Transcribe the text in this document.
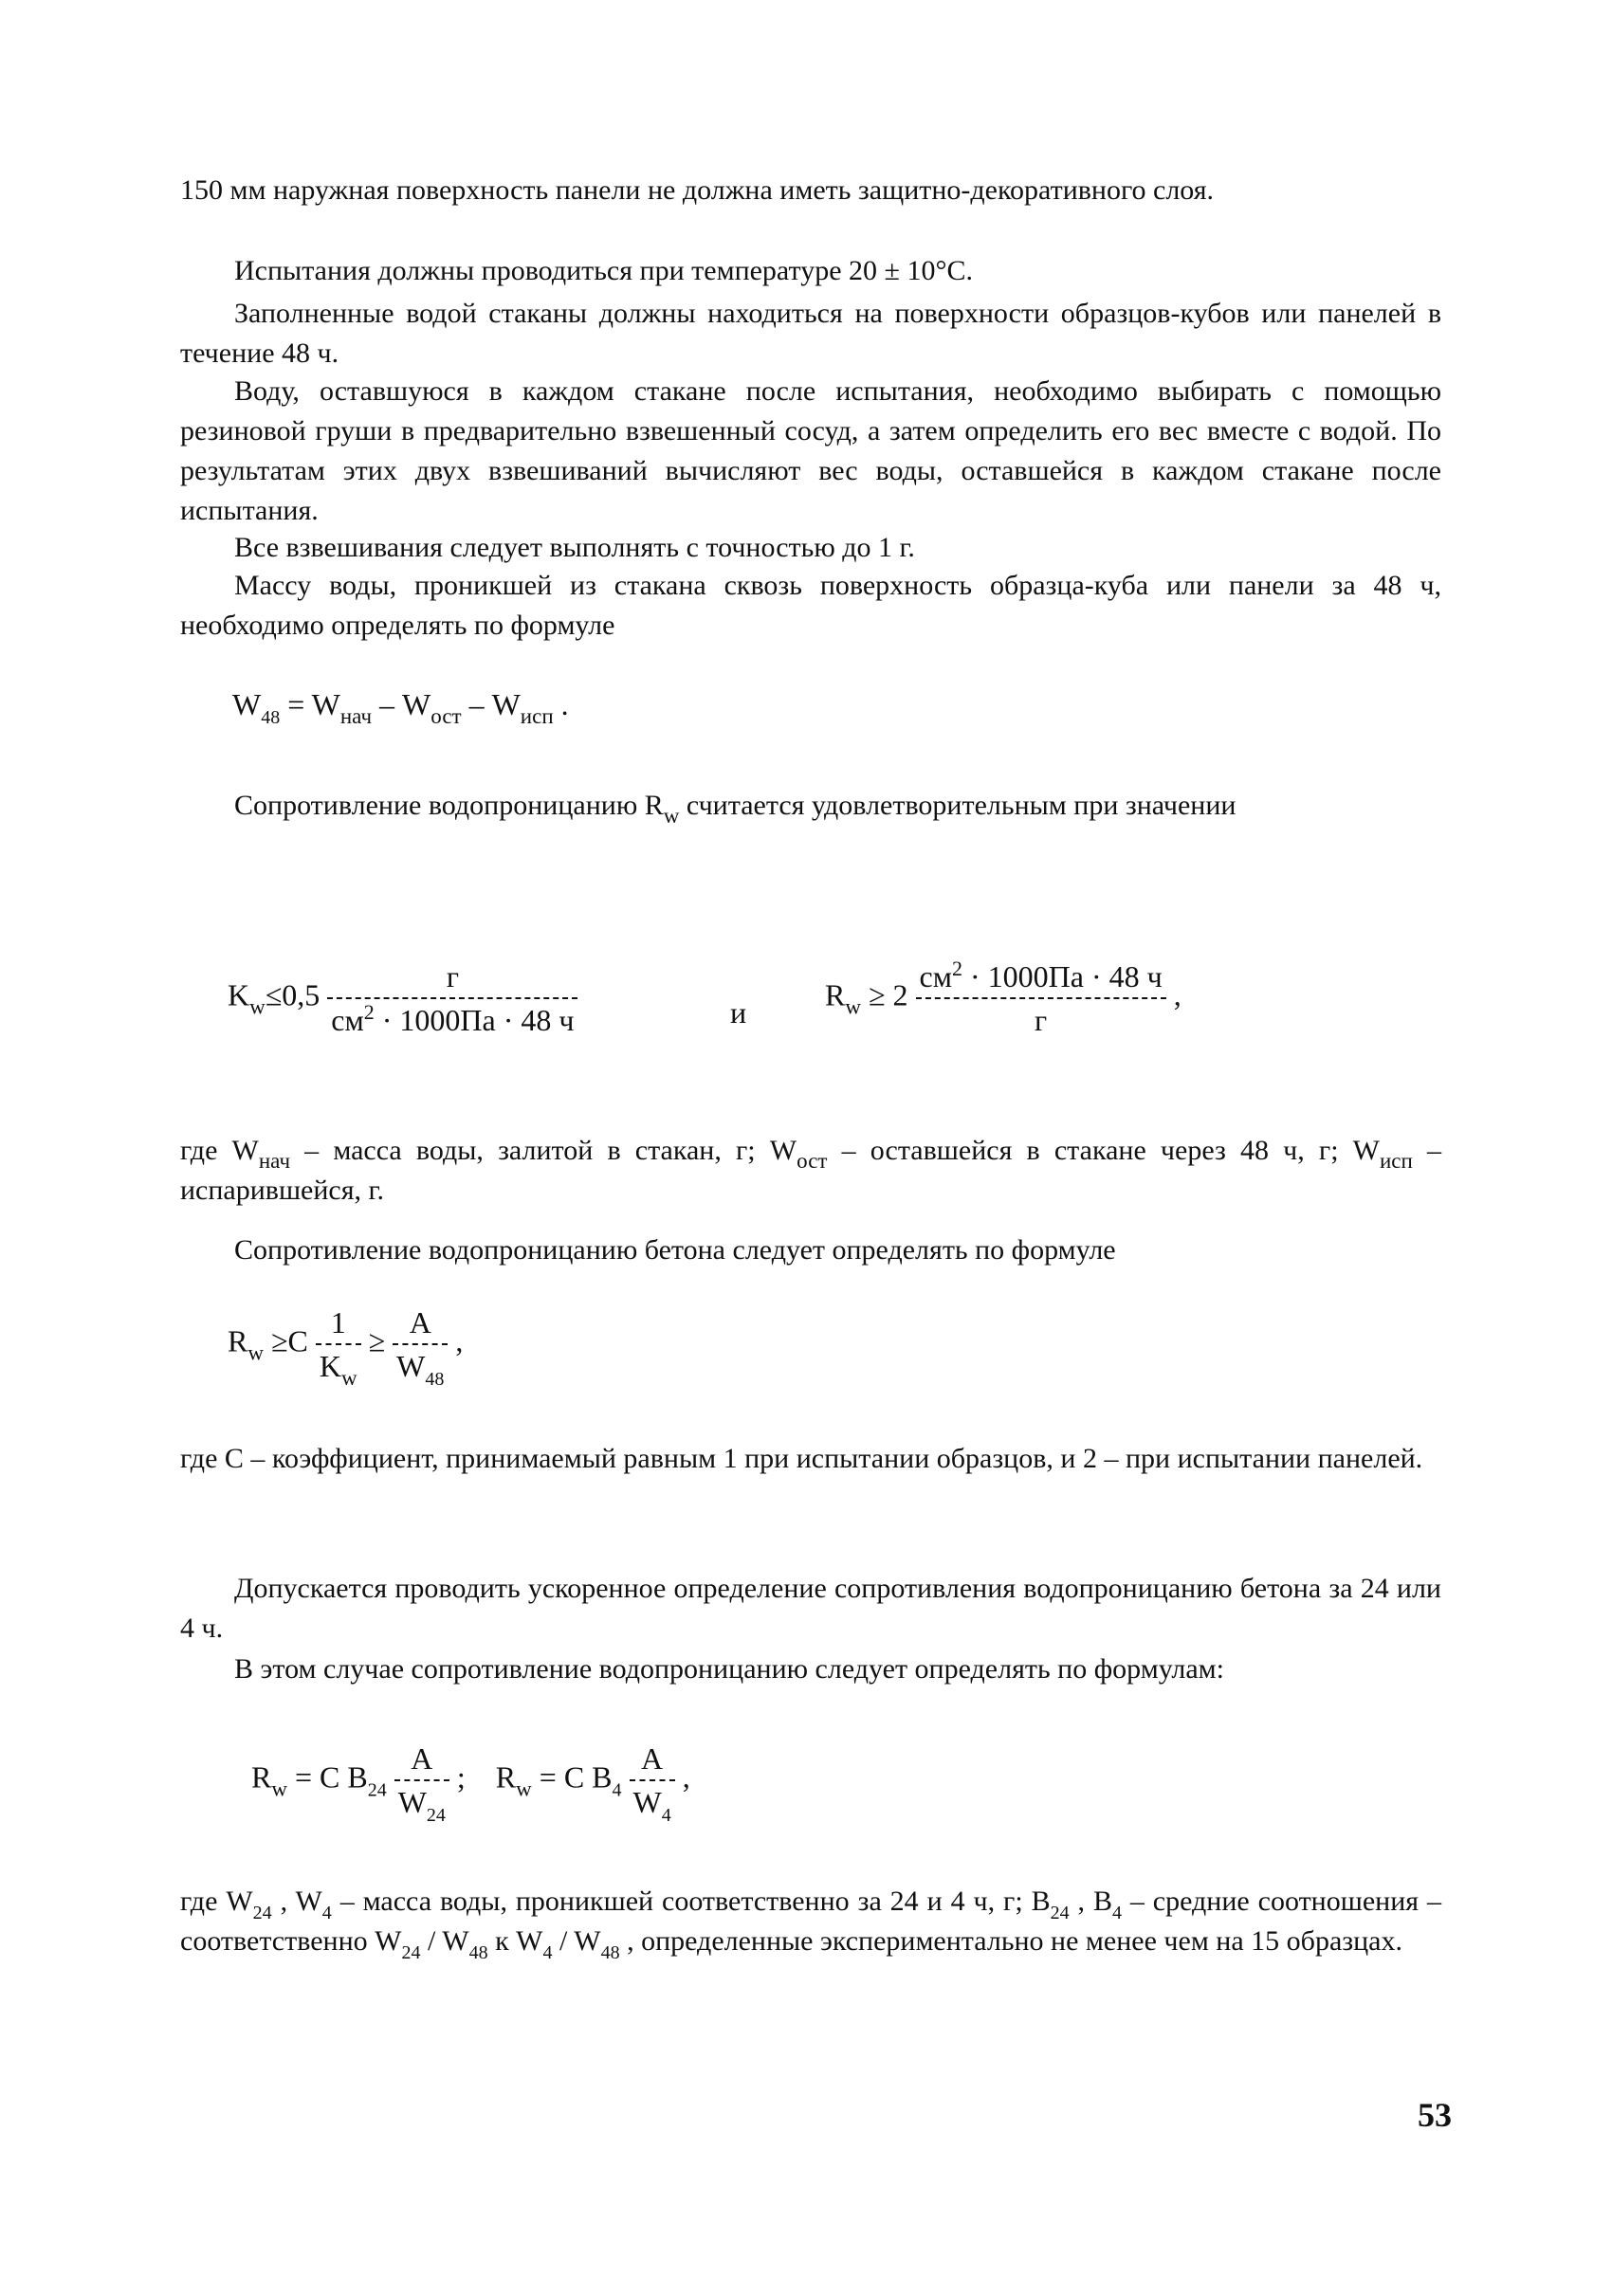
150 мм наружная поверхность панели не должна иметь защитно-декоративного слоя.

Испытания должны проводиться при температуре 20 ± 10°С.

Заполненные водой стаканы должны находиться на поверхности образцов-кубов или панелей в течение 48 ч.

Воду, оставшуюся в каждом стакане после испытания, необходимо выбирать с помощью резиновой груши в предварительно взвешенный сосуд, а затем определить его вес вместе с водой. По результатам этих двух взвешиваний вычисляют вес воды, оставшейся в каждом стакане после испытания.

Все взвешивания следует выполнять с точностью до 1 г.

Массу воды, проникшей из стакана сквозь поверхность образца-куба или панели за 48 ч, необходимо определять по формуле

$W_{48} = W_{нач} - W_{ост} - W_{исп}$ .

Сопротивление водопроницанию $R_w$ считается удовлетворительным при значении

$K_w\le 0,5 \frac{г}{см^2 \cdot 1000Па \cdot 48 ч}$	и
$R_w \ge 2 \frac{см^2 \cdot 1000Па \cdot 48 ч}{г}$ ,

где $W_{нач}$ – масса воды, залитой в стакан, г; $W_{ост}$ – оставшейся в стакане через 48 ч, г; $W_{исп}$ – испарившейся, г.

Сопротивление водопроницанию бетона следует определять по формуле

$R_w \ge C \frac{1}{K_w} \ge \frac{A}{W_{48}}$ ,

где С – коэффициент, принимаемый равным 1 при испытании образцов, и 2 – при испытании панелей.

Допускается проводить ускоренное определение сопротивления водопроницанию бетона за 24 или 4 ч.

В этом случае сопротивление водопроницанию следует определять по формулам:

$R_w = C$ $B_{24} \frac{A}{W_{24}}$ ; $R_w = C$ $B_4 \frac{A}{W_4}$ ,

где $W_{24}$ , $W_4$ – масса воды, проникшей соответственно за 24 и 4 ч, г; $B_{24}$ , $B_4$ – средние соотношения – соответственно $W_{24} / W_{48}$ к $W_4 / W_{48}$ , определенные экспериментально не менее чем на 15 образцах.

53
